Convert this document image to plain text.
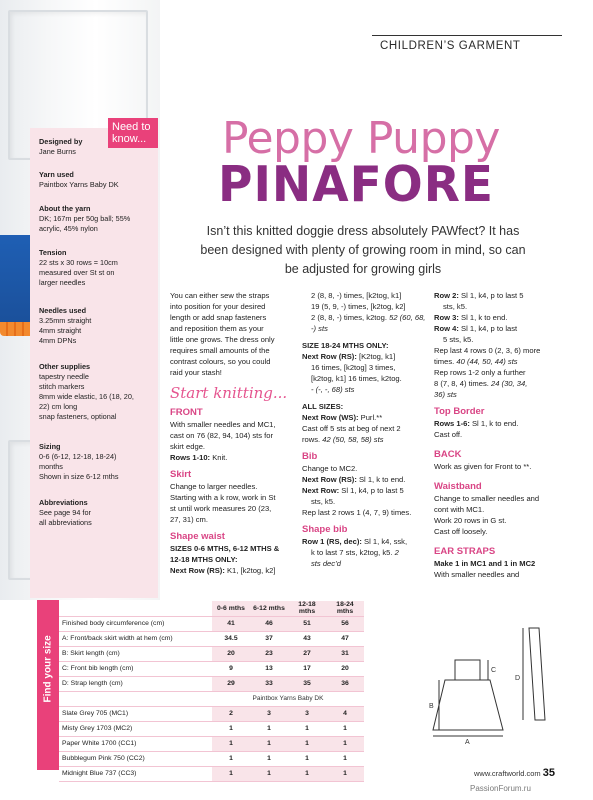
Designed by
Jane Burns
Yarn used
Paintbox Yarns Baby DK
About the yarn
DK; 167m per 50g ball; 55%
acrylic, 45% nylon
Tension
22 sts x 30 rows = 10cm
measured over St st on
larger needles
Needles used
3.25mm straight
4mm straight
4mm DPNs
Other supplies
tapestry needle
stitch markers
8mm wide elastic, 16 (18, 20,
22) cm long
snap fasteners, optional
Sizing
0-6 (6-12, 12-18, 18-24)
months
Shown in size 6-12 mths
Abbreviations
See page 94 for
all abbreviations
Need to
know...
CHILDREN’S GARMENT
Peppy Puppy
PINAFORE
Isn’t this knitted doggie dress absolutely PAWfect? It has been designed with plenty of growing room in mind, so can be adjusted for growing girls

You can either sew the straps

into position for your desired

length or add snap fasteners

and reposition them as your

little one grows. The dress only

requires small amounts of the

contrast colours, so you could

raid your stash!

Start knitting...

FRONT

With smaller needles and MC1,

cast on 76 (82, 94, 104) sts for

skirt edge.

Rows 1-10: Knit.

Skirt

Change to larger needles.

Starting with a k row, work in St

st until work measures 20 (23,

27, 31) cm.

Shape waist

SIZES 0-6 MTHS, 6-12 MTHS &

12-18 MTHS ONLY:

Next Row (RS): K1, [k2tog, k2]

2 (8, 8, -) times, [k2tog, k1]

19 (5, 9, -) times, [k2tog, k2]

2 (8, 8, -) times, k2tog. 52 (60, 68, -) sts

SIZE 18-24 MTHS ONLY:

Next Row (RS): [K2tog, k1]

16 times, [k2tog] 3 times,

[k2tog, k1] 16 times, k2tog.

- (-, -, 68) sts

ALL SIZES:

Next Row (WS): Purl.**

Cast off 5 sts at beg of next 2

rows. 42 (50, 58, 58) sts

Bib

Change to MC2.

Next Row (RS): Sl 1, k to end.

Next Row: Sl 1, k4, p to last 5

sts, k5.

Rep last 2 rows 1 (4, 7, 9) times.

Shape bib

Row 1 (RS, dec): Sl 1, k4, ssk,

k to last 7 sts, k2tog, k5. 2

sts dec’d

Row 2: Sl 1, k4, p to last 5

sts, k5.

Row 3: Sl 1, k to end.

Row 4: Sl 1, k4, p to last

5 sts, k5.

Rep last 4 rows 0 (2, 3, 6) more

times. 40 (44, 50, 44) sts

Rep rows 1-2 only a further

8 (7, 8, 4) times. 24 (30, 34,

36) sts

Top Border

Rows 1-6: Sl 1, k to end.

Cast off.

BACK

Work as given for Front to **.

Waistband

Change to smaller needles and

cont with MC1.

Work 20 rows in G st.

Cast off loosely.

EAR STRAPS

Make 1 in MC1 and 1 in MC2

With smaller needles and

Find your size
	0-6 mths	6-12 mths	12-18 mths	18-24 mths
Finished body circumference (cm)	41	46	51	56
A: Front/back skirt width at hem (cm)	34.5	37	43	47
B: Skirt length (cm)	20	23	27	31
C: Front bib length (cm)	9	13	17	20
D: Strap length (cm)	29	33	35	36
	Paintbox Yarns Baby DK			
Slate Grey 705 (MC1)	2	3	3	4
Misty Grey 1703 (MC2)	1	1	1	1
Paper White 1700 (CC1)	1	1	1	1
Bubblegum Pink 750 (CC2)	1	1	1	1
Midnight Blue 737 (CC3)	1	1	1	1
A
B
C
D
www.craftworld.com 35
PassionForum.ru
